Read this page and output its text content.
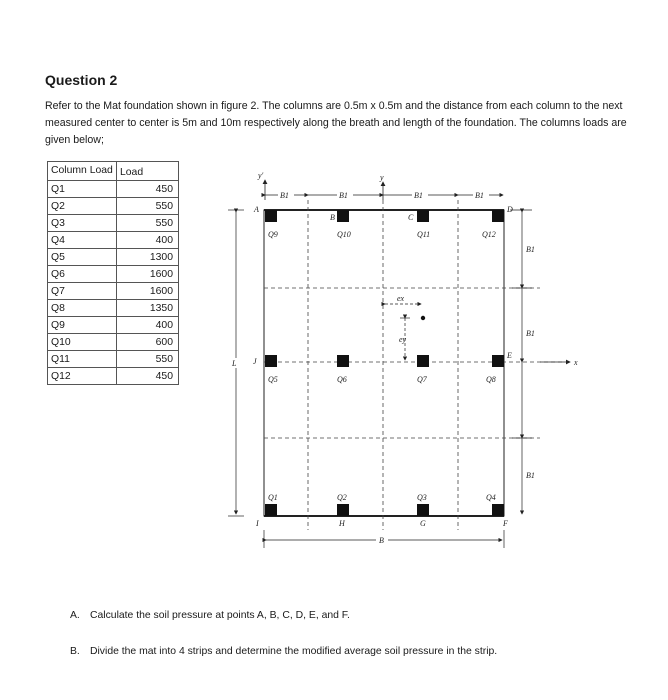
Question 2
Refer to the Mat foundation shown in figure 2. The columns are 0.5m x 0.5m and the distance from each column to the next measured center to center is 5m and 10m respectively along the breath and length of the foundation. The columns loads are given below;
Column Load	Load
Q1	450
Q2	550
Q3	550
Q4	400
Q5	1300
Q6	1600
Q7	1600
Q8	1350
Q9	400
Q10	600
Q11	550
Q12	450
y′	y
x
B1	B1	B1	B1
B1
B1
B1
L
B
ex
ey
Q9	Q10	Q11	Q12
Q5	Q6	Q7	Q8
Q1	Q2	Q3	Q4
A
B	C
D
E
F
G
H
I
J
A. Calculate the soil pressure at points A, B, C, D, E, and F.
B. Divide the mat into 4 strips and determine the modified average soil pressure in the strip.
